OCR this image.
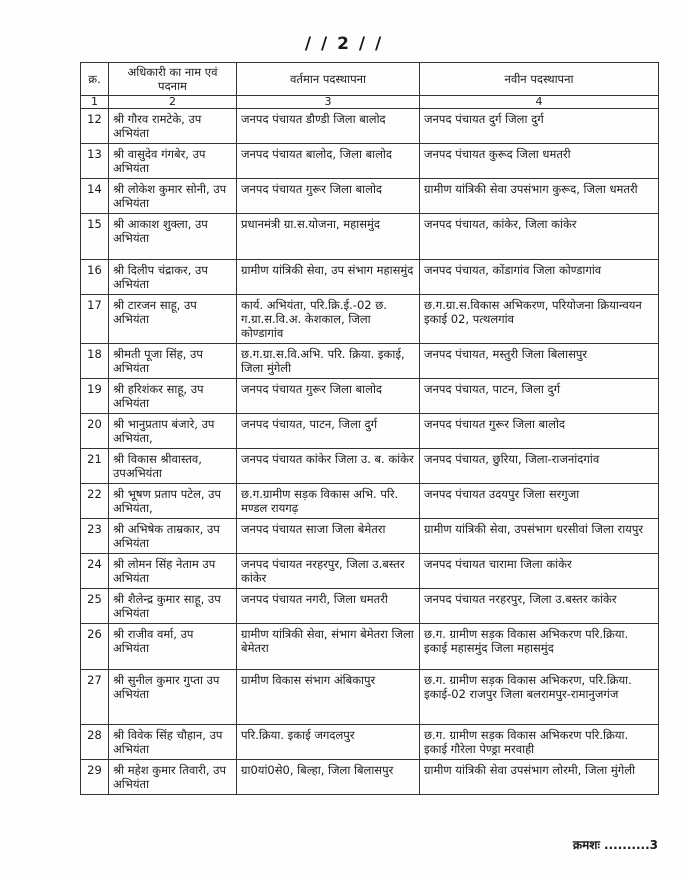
/ / 2 / /
क्र.	अधिकारी का नाम एवं पदनाम	वर्तमान पदस्थापना	नवीन पदस्थापना
1	2	3	4
12	श्री गौरव रामटेके, उप अभियंता	जनपद पंचायत डौण्डी जिला बालोद	जनपद पंचायत दुर्ग जिला दुर्ग
13	श्री वासुदेव गंगबेर, उप अभियंता	जनपद पंचायत बालोद, जिला बालोद	जनपद पंचायत कुरूद जिला धमतरी
14	श्री लोकेश कुमार सोनी, उप अभियंता	जनपद पंचायत गुरूर जिला बालोद	ग्रामीण यांत्रिकी सेवा उपसंभाग कुरूद, जिला धमतरी
15	श्री आकाश शुक्ला, उप अभियंता	प्रधानमंत्री ग्रा.स.योजना, महासमुंद	जनपद पंचायत, कांकेर, जिला कांकेर
16	श्री दिलीप चंद्राकर, उप अभियंता	ग्रामीण यांत्रिकी सेवा, उप संभाग महासमुंद	जनपद पंचायत, कोंडागांव जिला कोण्डागांव
17	श्री टारजन साहू, उप अभियंता	कार्य. अभियंता, परि.क्रि.ई.-02 छ. ग.ग्रा.स.वि.अ. केशकाल, जिला कोण्डागांव	छ.ग.ग्रा.स.विकास अभिकरण, परियोजना क्रियान्वयन इकाई 02, पत्थलगांव
18	श्रीमती पूजा सिंह, उप अभियंता	छ.ग.ग्रा.स.वि.अभि. परि. क्रिया. इकाई, जिला मुंगेली	जनपद पंचायत, मस्तुरी जिला बिलासपुर
19	श्री हरिशंकर साहू, उप अभियंता	जनपद पंचायत गुरूर जिला बालोद	जनपद पंचायत, पाटन, जिला दुर्ग
20	श्री भानुप्रताप बंजारे, उप अभियंता,	जनपद पंचायत, पाटन, जिला दुर्ग	जनपद पंचायत गुरूर जिला बालोद
21	श्री विकास श्रीवास्तव, उपअभियंता	जनपद पंचायत कांकेर जिला उ. ब. कांकेर	जनपद पंचायत, छुरिया, जिला-राजनांदगांव
22	श्री भूषण प्रताप पटेल, उप अभियंता,	छ.ग.ग्रामीण सड़क विकास अभि. परि. मण्डल रायगढ़	जनपद पंचायत उदयपुर जिला सरगुजा
23	श्री अभिषेक ताम्रकार, उप अभियंता	जनपद पंचायत साजा जिला बेमेतरा	ग्रामीण यांत्रिकी सेवा, उपसंभाग धरसीवां जिला रायपुर
24	श्री लोमन सिंह नेताम उप अभियंता	जनपद पंचायत नरहरपुर, जिला उ.बस्तर कांकेर	जनपद पंचायत चारामा जिला कांकेर
25	श्री शैलेन्द्र कुमार साहू, उप अभियंता	जनपद पंचायत नगरी, जिला धमतरी	जनपद पंचायत नरहरपुर, जिला उ.बस्तर कांकेर
26	श्री राजीव वर्मा, उप अभियंता	ग्रामीण यांत्रिकी सेवा, संभाग बेमेतरा जिला बेमेतरा	छ.ग. ग्रामीण सड़क विकास अभिकरण परि.क्रिया. इकाई महासमुंद जिला महासमुंद
27	श्री सुनील कुमार गुप्ता उप अभियंता	ग्रामीण विकास संभाग अंबिकापुर	छ.ग. ग्रामीण सड़क विकास अभिकरण, परि.क्रिया. इकाई-02 राजपुर जिला बलरामपुर-रामानुजगंज
28	श्री विवेक सिंह चौहान, उप अभियंता	परि.क्रिया. इकाई जगदलपुर	छ.ग. ग्रामीण सड़क विकास अभिकरण परि.क्रिया. इकाई गौरेला पेण्ड्रा मरवाही
29	श्री महेश कुमार तिवारी, उप अभियंता	ग्रा0यां0से0, बिल्हा, जिला बिलासपुर	ग्रामीण यांत्रिकी सेवा उपसंभाग लोरमी, जिला मुंगेली
क्रमशः ..........3
